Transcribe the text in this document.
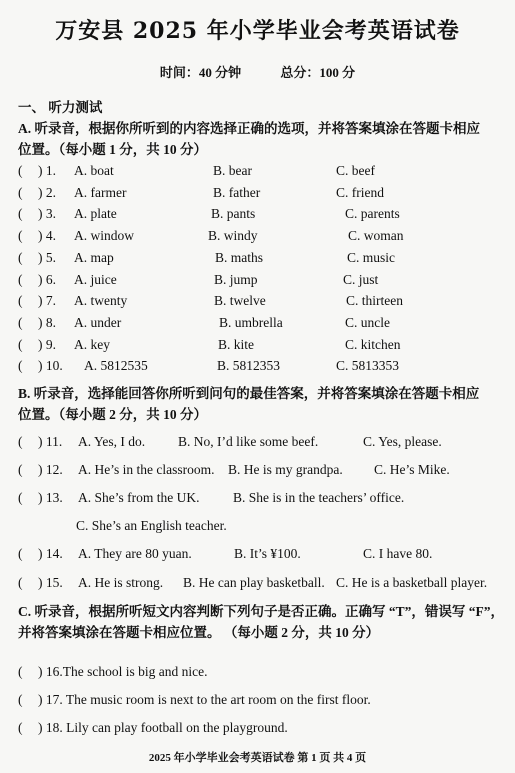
万安县 2025 年小学毕业会考英语试卷
时间：40 分钟	总分：100 分
一、 听力测试
A. 听录音，根据你所听到的内容选择正确的选项，并将答案填涂在答题卡相应
位置。（每小题 1 分，共 10 分）
( ) 1. A. boat	B. bear	C. beef
( ) 2. A. farmer	B. father	C. friend
( ) 3. A. plate	B. pants	C. parents
( ) 4. A. window	B. windy	C. woman
( ) 5. A. map	B. maths	C. music
( ) 6. A. juice	B. jump	C. just
( ) 7. A. twenty	B. twelve	C. thirteen
( ) 8. A. under	B. umbrella	C. uncle
( ) 9. A. key	B. kite	C. kitchen
( ) 10. A. 5812535	B. 5812353	C. 5813353
B. 听录音，选择能回答你所听到问句的最佳答案，并将答案填涂在答题卡相应
位置。（每小题 2 分，共 10 分）
( ) 11. A. Yes, I do. B. No, I’d like some beef.	C. Yes, please.
( ) 12. A. He’s in the classroom. B. He is my grandpa. C. He’s Mike.
( ) 13. A. She’s from the UK. B. She is in the teachers’ office.
C. She’s an English teacher.
( ) 14. A. They are 80 yuan.	B. It’s ¥100.	C. I have 80.
( ) 15. A. He is strong. B. He can play basketball. C. He is a basketball player.
C. 听录音，根据所听短文内容判断下列句子是否正确。正确写 “T”，错误写 “F”，
并将答案填涂在答题卡相应位置。 （每小题 2 分，共 10 分）
( ) 16.The school is big and nice.
( ) 17. The music room is next to the art room on the first floor.
( ) 18. Lily can play football on the playground.
2025 年小学毕业会考英语试卷 第 1 页 共 4 页
